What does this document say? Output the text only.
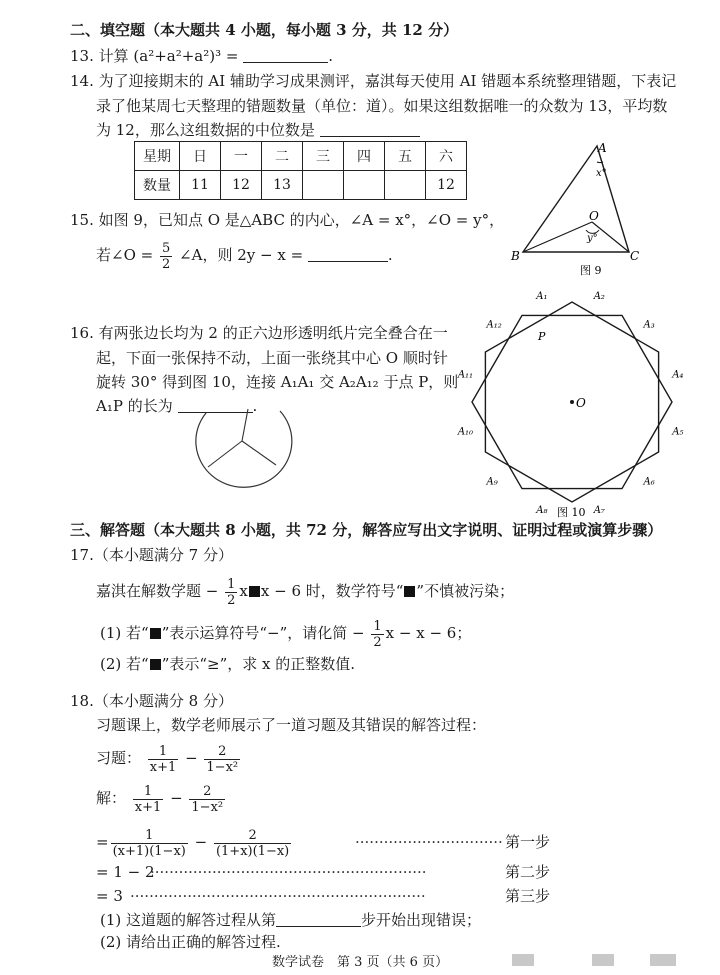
二、填空题（本大题共 4 小题，每小题 3 分，共 12 分）
13. 计算 (a²+a²+a²)³ =	.
14. 为了迎接期末的 AI 辅助学习成果测评，嘉淇每天使用 AI 错题本系统整理错题，下表记
录了他某周七天整理的错题数量（单位：道）。如果这组数据唯一的众数为 13，平均数
为 12，那么这组数据的中位数是
星期	日	一	二	三	四	五	六
数量	11	12	13				12
15. 如图 9，已知点 O 是△ABC 的内心，∠A = x°，∠O = y°，
若∠O = $\frac{5}{2}$ ∠A，则 2y − x =	.
A
x°
O
y°
B	C
图 9
16. 有两张边长均为 2 的正六边形透明纸片完全叠合在一
起，下面一张保持不动，上面一张绕其中心 O 顺时针
旋转 30° 得到图 10，连接 A₁A₁ 交 A₂A₁₂ 于点 P，则
A₁P 的长为	.	O
P
A₁	A₂
A₃
A₄
A₅
A₆
A₇
A₈
A₉
A₁₀
A₁₁
A₁₂
图 10
三、解答题（本大题共 8 小题，共 72 分，解答应写出文字说明、证明过程或演算步骤）
17.（本小题满分 7 分）
嘉淇在解数学题 − $\frac{1}{2}$ x x − 6 时，数学符号“ ”不慎被污染；
(1) 若“ ”表示运算符号“−”，请化简 − $\frac{1}{2}$ x − x − 6；
(2) 若“ ”表示“≥”，求 x 的正整数值.
18.（本小题满分 8 分）
习题课上，数学老师展示了一道习题及其错误的解答过程：
习题： $\frac{1}{x+1} - \frac{2}{\text{1−x²}}$
解： $\frac{1}{x+1} - \frac{2}{\text{1−x²}}$
= $\frac{1}{(x+1)(1-x)} - \frac{2}{(1+x)(1-x)}$	······························· 第一步
= 1 − 2
··························································	第二步
= 3 ······························································	第三步
(1) 这道题的解答过程从第	步开始出现错误；
(2) 请给出正确的解答过程.
数学试卷　第 3 页（共 6 页）
